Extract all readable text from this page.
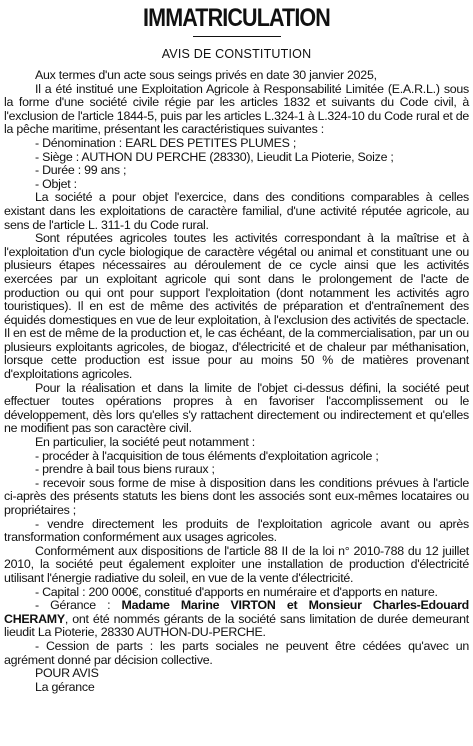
IMMATRICULATION
AVIS DE CONSTITUTION

Aux termes d'un acte sous seings privés en date 30 janvier 2025,

Il a été institué une Exploitation Agricole à Responsabilité Limitée (E.A.R.L.) sous la forme d'une société civile régie par les articles 1832 et suivants du Code civil, à l'exclusion de l'article 1844-5, puis par les articles L.324-1 à L.324-10 du Code rural et de la pêche maritime, présentant les caractéristiques suivantes :

- Dénomination : EARL DES PETITES PLUMES ;

- Siège : AUTHON DU PERCHE (28330), Lieudit La Pioterie, Soize ;

- Durée : 99 ans ;

- Objet :

La société a pour objet l'exercice, dans des conditions comparables à celles existant dans les exploitations de caractère familial, d'une activité réputée agricole, au sens de l'article L. 311-1 du Code rural.

Sont réputées agricoles toutes les activités correspondant à la maîtrise et à l'exploitation d'un cycle biologique de caractère végétal ou animal et constituant une ou plusieurs étapes nécessaires au déroulement de ce cycle ainsi que les activités exercées par un exploitant agricole qui sont dans le prolongement de l'acte de production ou qui ont pour support l'exploitation (dont notamment les activités agro touristiques). Il en est de même des activités de préparation et d'entraînement des équidés domestiques en vue de leur exploitation, à l'exclusion des activités de spectacle. Il en est de même de la production et, le cas échéant, de la commercialisation, par un ou plusieurs exploitants agricoles, de biogaz, d'électricité et de chaleur par méthanisation, lorsque cette production est issue pour au moins 50 % de matières provenant d'exploitations agricoles.

Pour la réalisation et dans la limite de l'objet ci-dessus défini, la société peut effectuer toutes opérations propres à en favoriser l'accomplissement ou le développement, dès lors qu'elles s'y rattachent directement ou indirectement et qu'elles ne modifient pas son caractère civil.

En particulier, la société peut notamment :

- procéder à l'acquisition de tous éléments d'exploitation agricole ;

- prendre à bail tous biens ruraux ;

- recevoir sous forme de mise à disposition dans les conditions prévues à l'article ci-après des présents statuts les biens dont les associés sont eux-mêmes locataires ou propriétaires ;

- vendre directement les produits de l'exploitation agricole avant ou après transformation conformément aux usages agricoles.

Conformément aux dispositions de l'article 88 II de la loi n° 2010-788 du 12 juillet 2010, la société peut également exploiter une installation de production d'électricité utilisant l'énergie radiative du soleil, en vue de la vente d'électricité.

- Capital : 200 000€, constitué d'apports en numéraire et d'apports en nature.

- Gérance : Madame Marine VIRTON et Monsieur Charles-Edouard CHERAMY, ont été nommés gérants de la société sans limitation de durée demeurant lieudit La Pioterie, 28330 AUTHON-DU-PERCHE.

- Cession de parts : les parts sociales ne peuvent être cédées qu'avec un agrément donné par décision collective.

POUR AVIS

La gérance
